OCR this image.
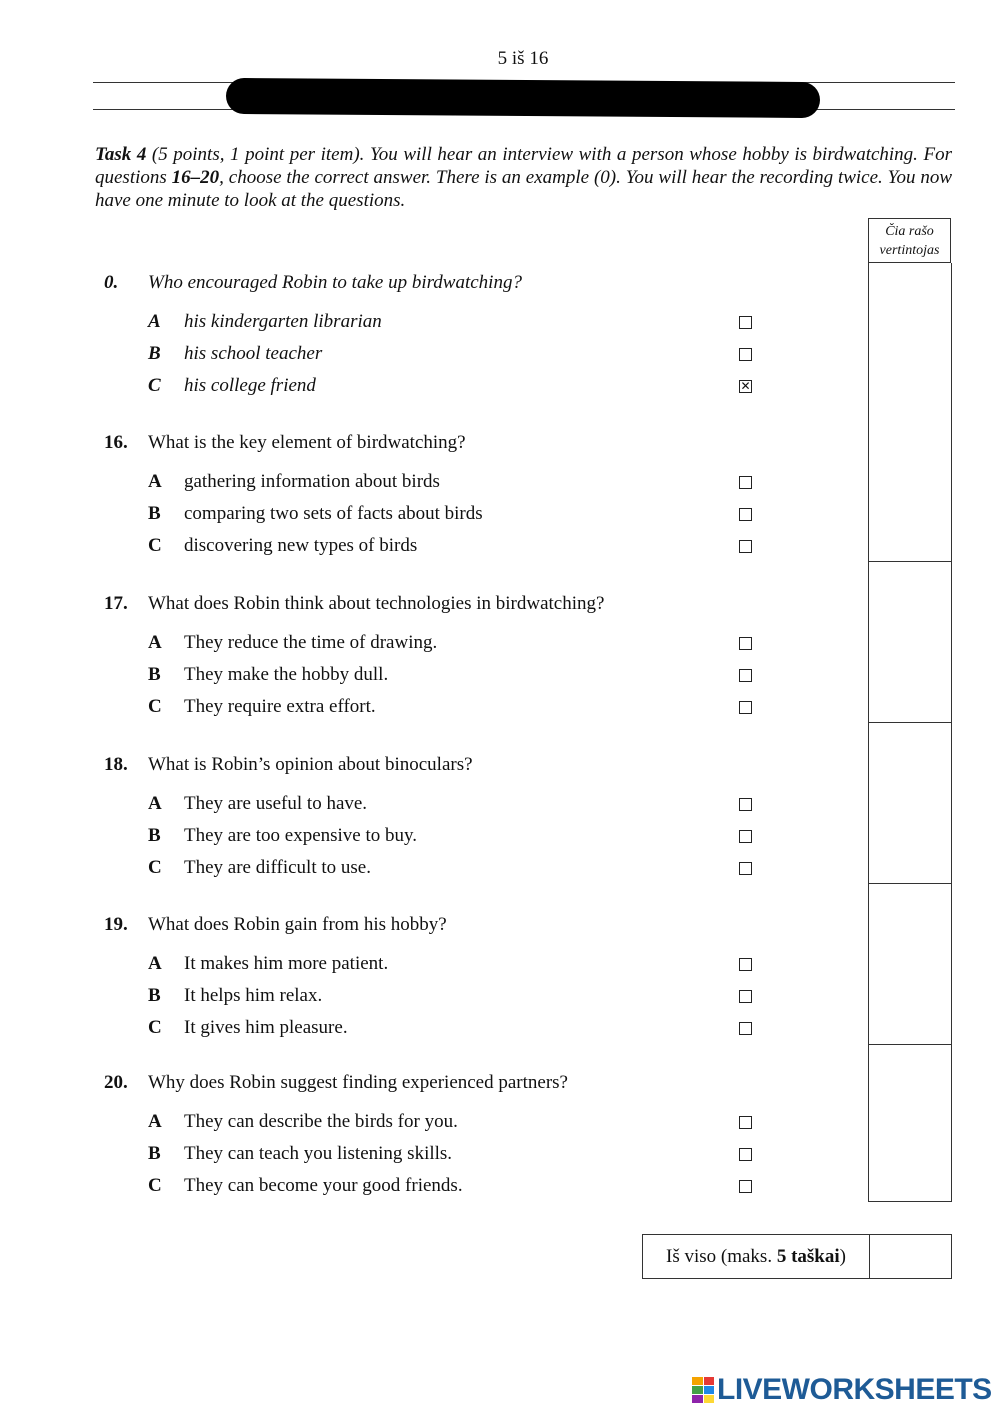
5 iš 16
Task 4 (5 points, 1 point per item). You will hear an interview with a person whose hobby is birdwatching. For questions 16–20, choose the correct answer. There is an example (0). You will hear the recording twice. You now have one minute to look at the questions.
Čia rašo vertintojas
0. Who encouraged Robin to take up birdwatching?
A his kindergarten librarian
B his school teacher
C his college friend	✕
16. What is the key element of birdwatching?
A gathering information about birds
B comparing two sets of facts about birds
C discovering new types of birds
17. What does Robin think about technologies in birdwatching?
A They reduce the time of drawing.
B They make the hobby dull.
C They require extra effort.
18. What is Robin’s opinion about binoculars?
A They are useful to have.
B They are too expensive to buy.
C They are difficult to use.
19. What does Robin gain from his hobby?
A It makes him more patient.
B It helps him relax.
C It gives him pleasure.
20. Why does Robin suggest finding experienced partners?
A They can describe the birds for you.
B They can teach you listening skills.
C They can become your good friends.
Iš viso (maks. 5 taškai)
LIVEWORKSHEETS
